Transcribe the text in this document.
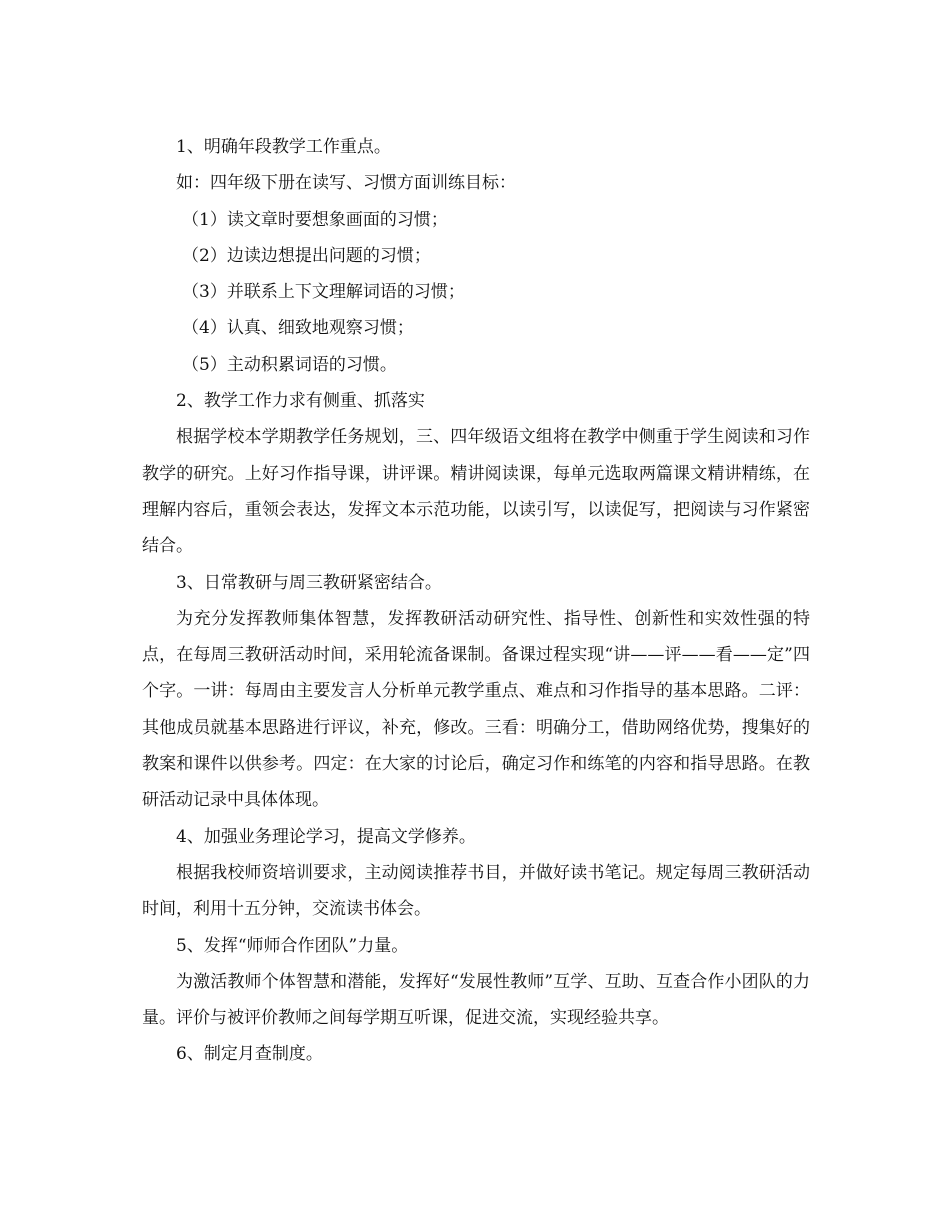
1、明确年段教学工作重点。

如：四年级下册在读写、习惯方面训练目标：

（1）读文章时要想象画面的习惯；

（2）边读边想提出问题的习惯；

（3）并联系上下文理解词语的习惯；

（4）认真、细致地观察习惯；

（5）主动积累词语的习惯。

2、教学工作力求有侧重、抓落实

根据学校本学期教学任务规划，三、四年级语文组将在教学中侧重于学生阅读和习作教学的研究。上好习作指导课，讲评课。精讲阅读课，每单元选取两篇课文精讲精练，在理解内容后，重领会表达，发挥文本示范功能，以读引写，以读促写，把阅读与习作紧密结合。

3、日常教研与周三教研紧密结合。

为充分发挥教师集体智慧，发挥教研活动研究性、指导性、创新性和实效性强的特点，在每周三教研活动时间，采用轮流备课制。备课过程实现“讲——评——看——定”四个字。一讲：每周由主要发言人分析单元教学重点、难点和习作指导的基本思路。二评：其他成员就基本思路进行评议，补充，修改。三看：明确分工，借助网络优势，搜集好的教案和课件以供参考。四定：在大家的讨论后，确定习作和练笔的内容和指导思路。在教研活动记录中具体体现。

4、加强业务理论学习，提高文学修养。

根据我校师资培训要求，主动阅读推荐书目，并做好读书笔记。规定每周三教研活动时间，利用十五分钟，交流读书体会。

5、发挥“师师合作团队”力量。

为激活教师个体智慧和潜能，发挥好“发展性教师”互学、互助、互查合作小团队的力量。评价与被评价教师之间每学期互听课，促进交流，实现经验共享。

6、制定月查制度。
